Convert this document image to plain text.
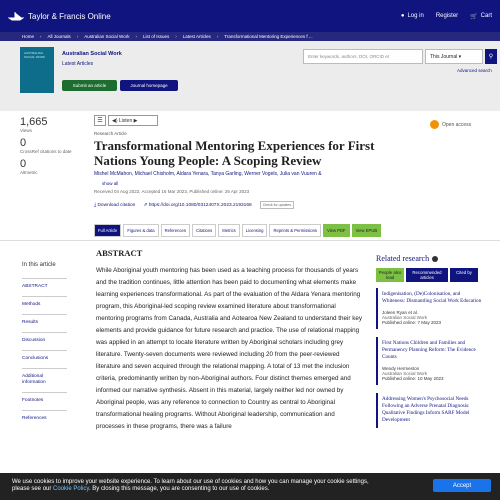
Taylor & Francis Online	● Log in Register 🛒 Cart
Home › All Journals › Australian Social Work › List of Issues › Latest Articles › Transformational Mentoring Experiences f ...
AUSTRALIAN SOCIAL WORK	Australian Social Work
Latest Articles
Submit an article	Journal homepage
Enter keywords, authors, DOI, ORCID et	This Journal ▾	⚲
Advanced search
1,665
Views
0
CrossRef citations to date
0
Altmetric
☰	◀)
Listen
▶
Open access
Research Article
Transformational Mentoring Experiences for First Nations Young People: A Scoping Review
Mishel McMahon, Michael Chisholm, Aldara Yenara, Tanya Garling, Werner Vogels, Julia van Vuuren &
show all
Received 04 Aug 2022, Accepted 16 Mar 2023, Published online: 26 Apr 2023
⤓ Download citation ⇗ https://doi.org/10.1080/0312407X.2023.2193168	Check for updates
Full Article	Figures & data	References	Citations	Metrics	Licensing	Reprints & Permissions	View PDF	View EPUB
In this article
ABSTRACT
Methods
Results
Discussion
Conclusions
Additional information
Footnotes
References
ABSTRACT
While Aboriginal youth mentoring has been used as a teaching process for thousands of years and the tradition continues, little attention has been paid to documenting what elements make learning experiences transformational. As part of the evaluation of the Aldara Yenara mentoring program, this Aboriginal-led scoping review examined literature about transformational mentoring programs from Canada, Australia and Aotearoa New Zealand to understand their key elements and provide guidance for future research and practice. The use of relational mapping was applied in an attempt to locate literature written by Aboriginal scholars including grey literature. Twenty-seven documents were reviewed including 20 from the peer-reviewed literature and seven acquired through the relational mapping. A total of 13 met the inclusion criteria, predominantly written by non-Aboriginal authors. Four distinct themes emerged and informed our narrative synthesis. Absent in this material, largely neither led nor owned by Aboriginal people, was any reference to connection to Country as central to Aboriginal transformational healing programs. Without Aboriginal leadership, communication and processes in these programs, there was a failure
Related research
People also read
Recommended articles
Cited by
Indigenisation, (De)Colonisation, and Whiteness: Dismantling Social Work Education
Joleen Ryan et al.
Australian Social Work
Published online: 7 May 2023
First Nations Children and Families and Permanency Planning Reform: The Evidence Counts
Wendy Hermeston
Australian Social Work
Published online: 10 May 2023
Addressing Women's Psychosocial Needs Following an Adverse Prenatal Diagnosis: Qualitative Findings Inform SARF Model Development
We use cookies to improve your website experience. To learn about our use of cookies and how you can manage your cookie settings,
please see our Cookie Policy. By closing this message, you are consenting to our use of cookies.
Accept
